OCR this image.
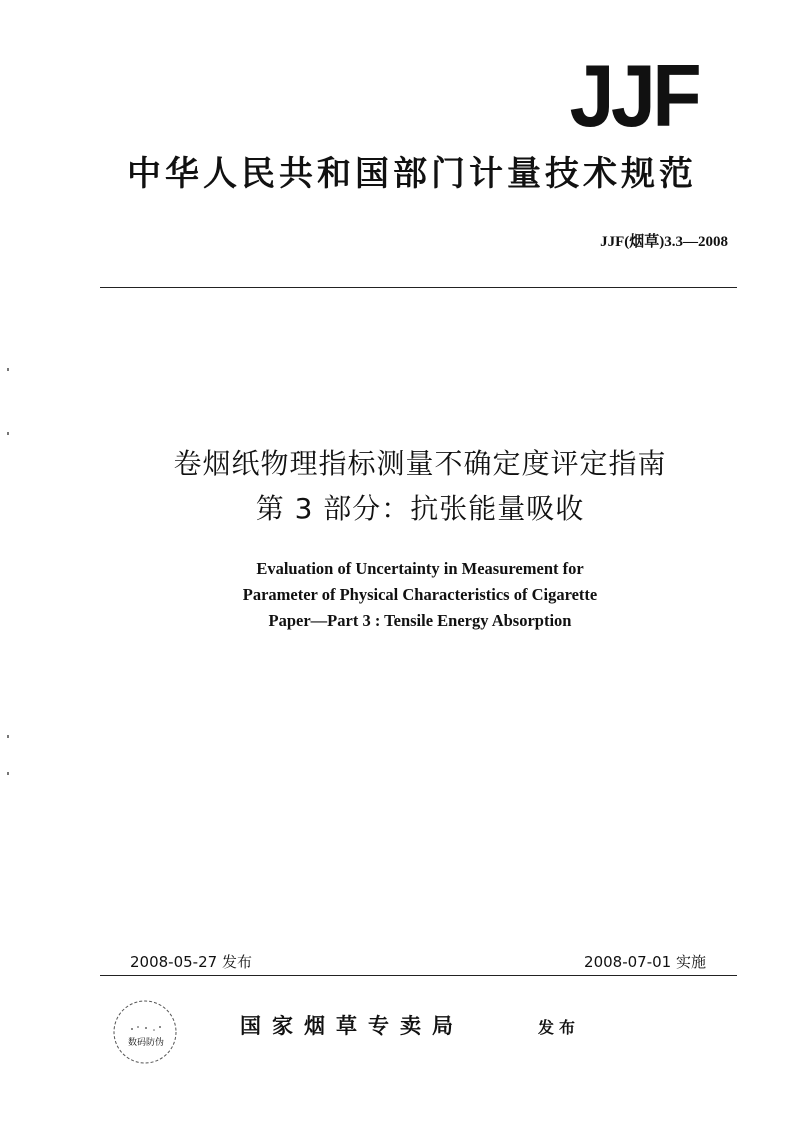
JJF
中华人民共和国部门计量技术规范
JJF(烟草)3.3—2008
卷烟纸物理指标测量不确定度评定指南
第 3 部分：抗张能量吸收
Evaluation of Uncertainty in Measurement for
Parameter of Physical Characteristics of Cigarette
Paper—Part 3 : Tensile Energy Absorption
2008-05-27 发布	2008-07-01 实施
数码防伪
国家烟草专卖局	发布
